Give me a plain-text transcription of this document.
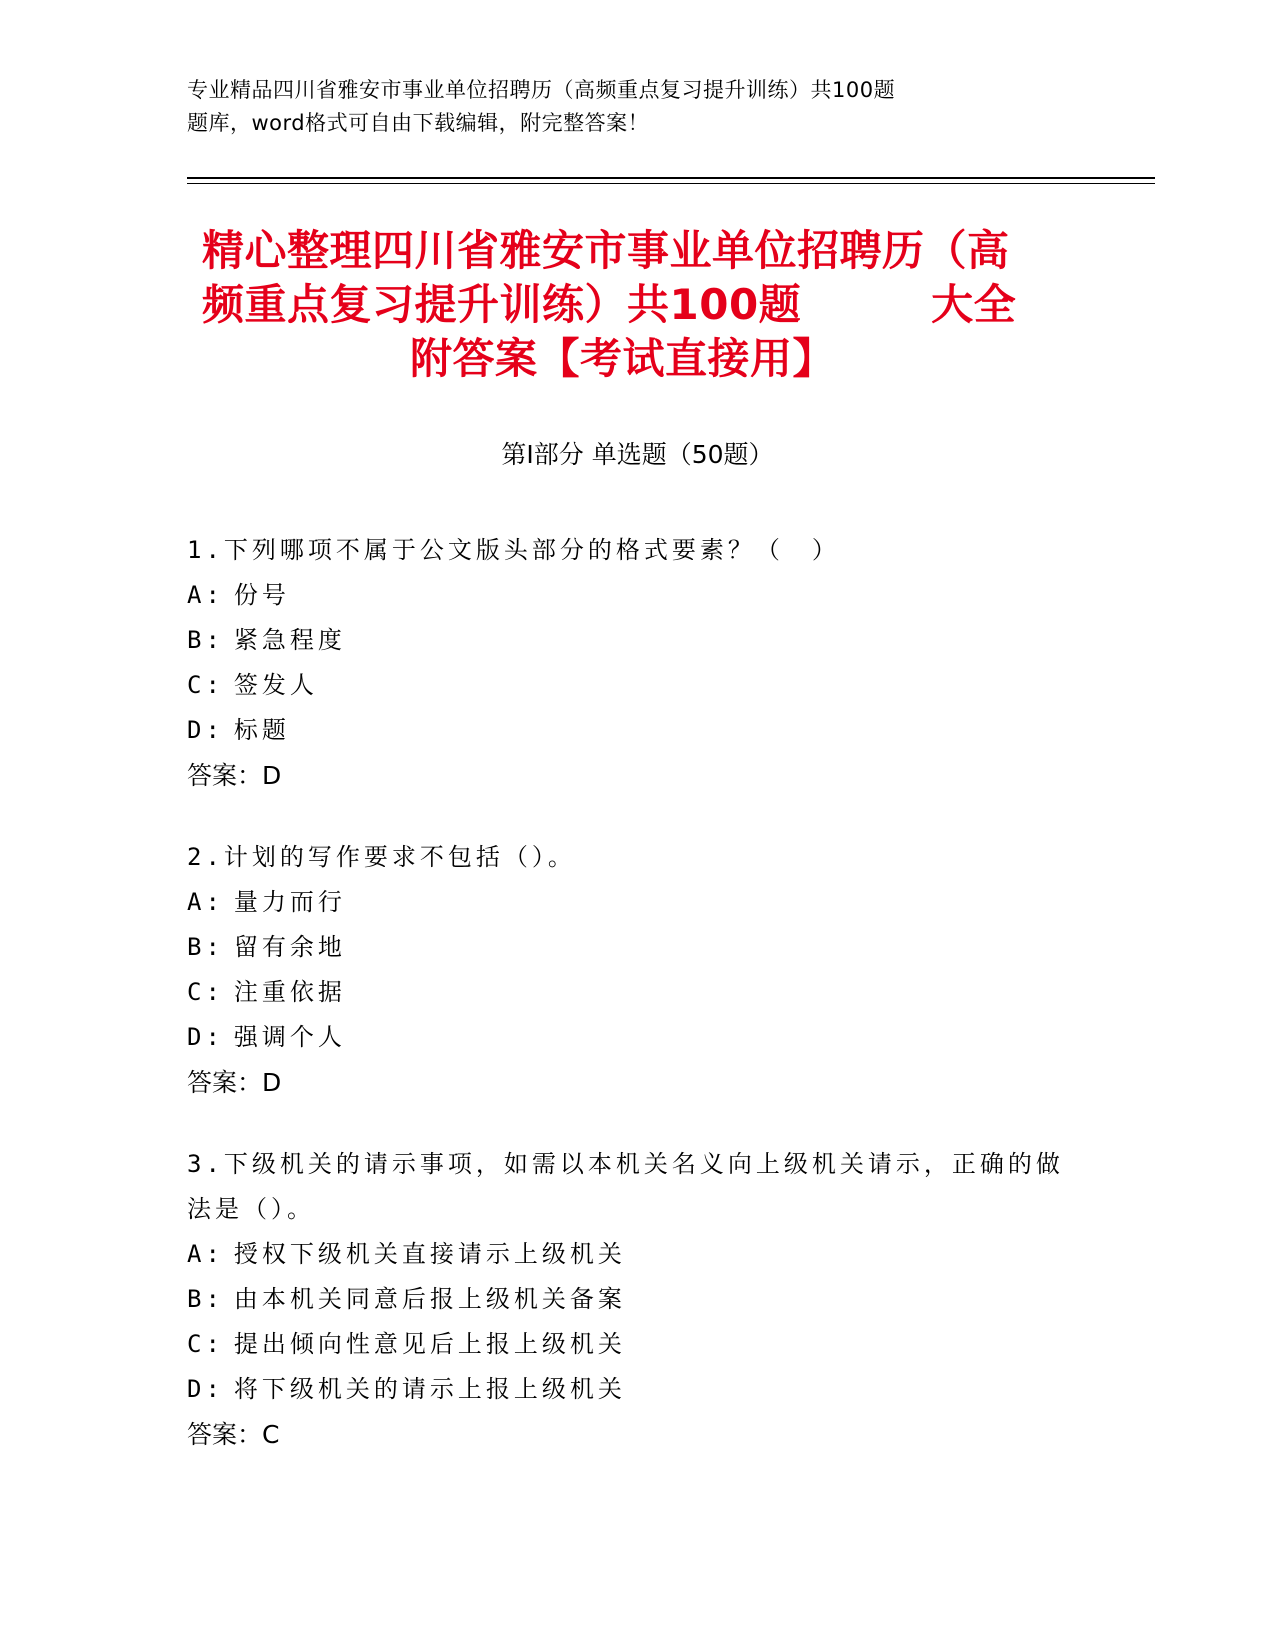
专业精品四川省雅安市事业单位招聘历（高频重点复习提升训练）共100题
题库，word格式可自由下载编辑，附完整答案！
精心整理四川省雅安市事业单位招聘历（高
频重点复习提升训练）共100题	大全
附答案【考试直接用】
第Ⅰ部分 单选题（50题）
1.下列哪项不属于公文版头部分的格式要素？（　）
A: 份号
B: 紧急程度
C: 签发人
D: 标题
答案：D
2.计划的写作要求不包括（）。
A: 量力而行
B: 留有余地
C: 注重依据
D: 强调个人
答案：D
3.下级机关的请示事项，如需以本机关名义向上级机关请示，正确的做法是（）。
A: 授权下级机关直接请示上级机关
B: 由本机关同意后报上级机关备案
C: 提出倾向性意见后上报上级机关
D: 将下级机关的请示上报上级机关
答案：C
